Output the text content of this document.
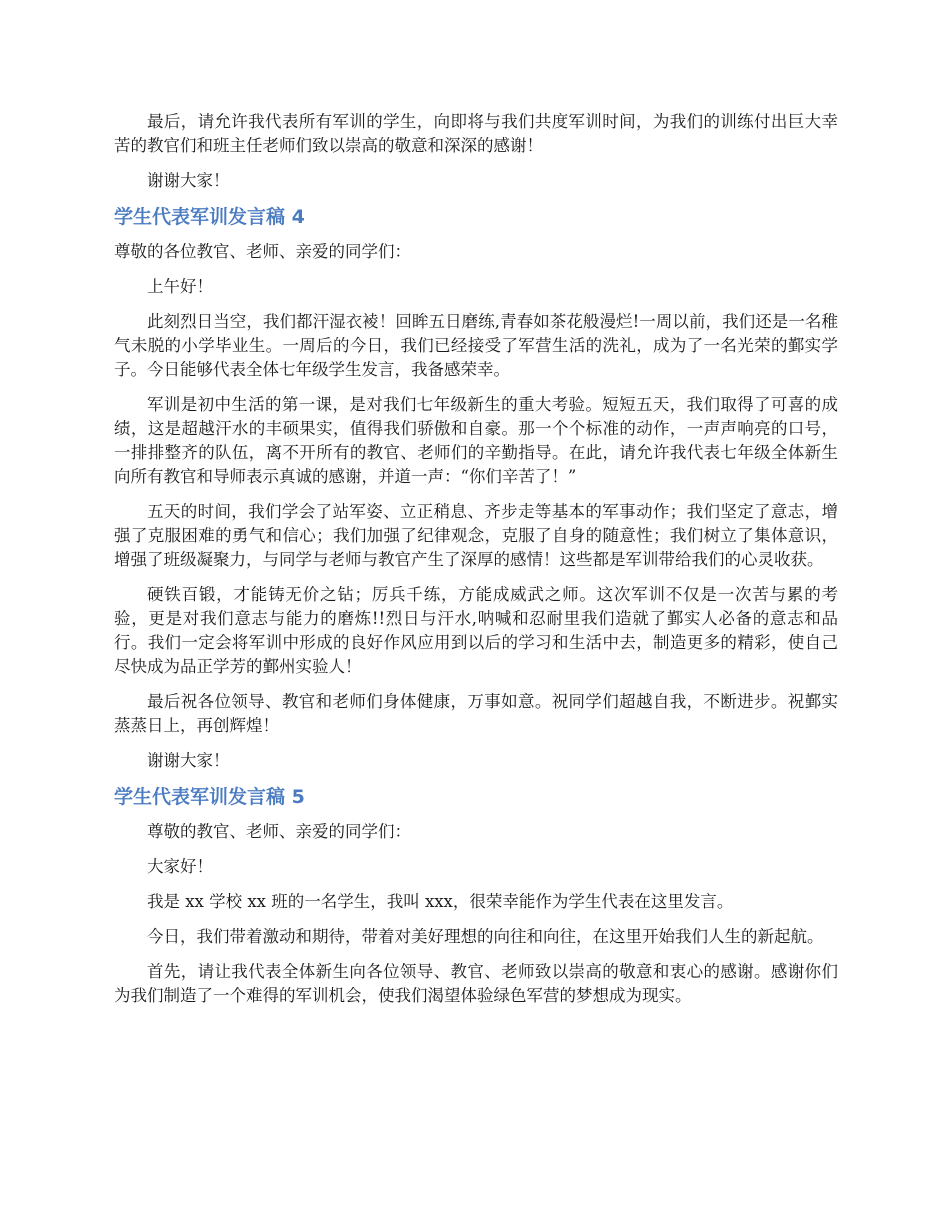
最后，请允许我代表所有军训的学生，向即将与我们共度军训时间，为我们的训练付出巨大幸苦的教官们和班主任老师们致以崇高的敬意和深深的感谢！

谢谢大家！

学生代表军训发言稿 4

尊敬的各位教官、老师、亲爱的同学们：

上午好！

此刻烈日当空，我们都汗湿衣裬！回眸五日磨练,青春如茶花般漫烂!一周以前，我们还是一名稚气未脱的小学毕业生。一周后的今日，我们已经接受了军营生活的洗礼，成为了一名光荣的鄞实学子。今日能够代表全体七年级学生发言，我备感荣幸。

军训是初中生活的第一课，是对我们七年级新生的重大考验。短短五天，我们取得了可喜的成绩，这是超越汗水的丰硕果实，值得我们骄傲和自豪。那一个个标准的动作，一声声响亮的口号，一排排整齐的队伍，离不开所有的教官、老师们的辛勤指导。在此，请允许我代表七年级全体新生向所有教官和导师表示真诚的感谢，并道一声：“你们辛苦了！”

五天的时间，我们学会了站军姿、立正稍息、齐步走等基本的军事动作；我们坚定了意志，增强了克服困难的勇气和信心；我们加强了纪律观念，克服了自身的随意性；我们树立了集体意识，增强了班级凝聚力，与同学与老师与教官产生了深厚的感情！这些都是军训带给我们的心灵收获。

硬铁百锻，才能铸无价之钻；厉兵千练，方能成威武之师。这次军训不仅是一次苦与累的考验，更是对我们意志与能力的磨炼!!烈日与汗水,呐喊和忍耐里我们造就了鄞实人必备的意志和品行。我们一定会将军训中形成的良好作风应用到以后的学习和生活中去，制造更多的精彩，使自己尽快成为品正学芳的鄞州实验人！

最后祝各位领导、教官和老师们身体健康，万事如意。祝同学们超越自我，不断进步。祝鄞实蒸蒸日上，再创辉煌！

谢谢大家！

学生代表军训发言稿 5

尊敬的教官、老师、亲爱的同学们：

大家好！

我是 xx 学校 xx 班的一名学生，我叫 xxx，很荣幸能作为学生代表在这里发言。

今日，我们带着激动和期待，带着对美好理想的向往和向往，在这里开始我们人生的新起航。

首先，请让我代表全体新生向各位领导、教官、老师致以崇高的敬意和衷心的感谢。感谢你们为我们制造了一个难得的军训机会，使我们渴望体验绿色军营的梦想成为现实。
